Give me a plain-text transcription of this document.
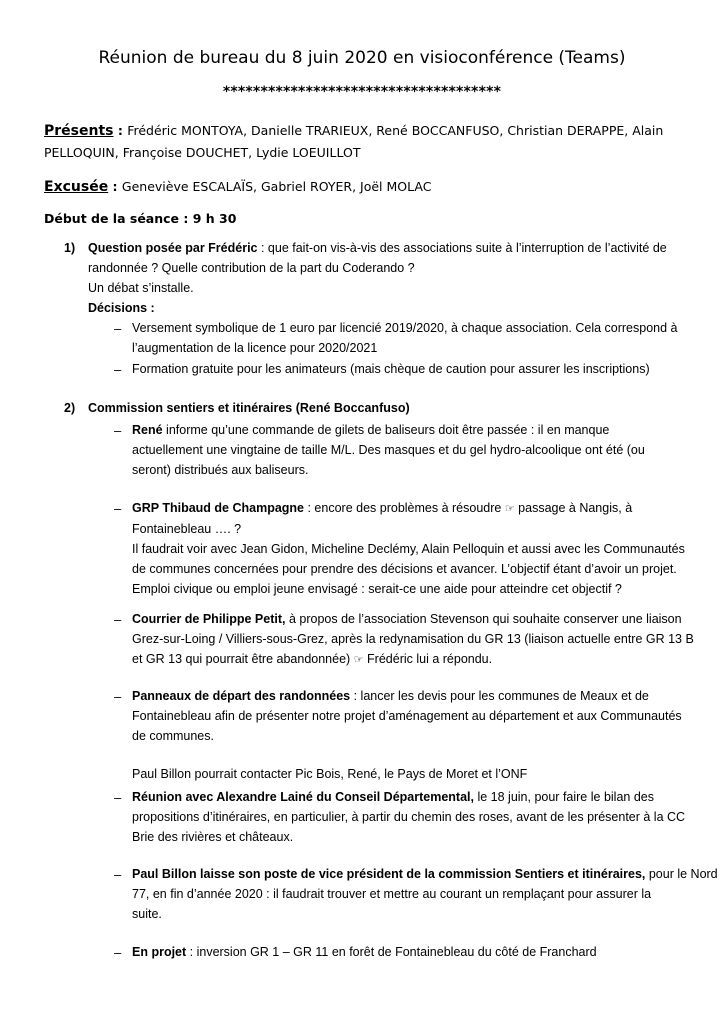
Réunion de bureau du 8 juin 2020 en visioconférence (Teams)
*************************************
Présents : Frédéric MONTOYA, Danielle TRARIEUX, René BOCCANFUSO, Christian DERAPPE, Alain
PELLOQUIN, Françoise DOUCHET, Lydie LOEUILLOT
Excusée : Geneviève ESCALAÏS, Gabriel ROYER, Joël MOLAC
Début de la séance : 9 h 30
1) Question posée par Frédéric : que fait-on vis-à-vis des associations suite à l’interruption de l’activité de
randonnée ? Quelle contribution de la part du Coderando ?
Un débat s’installe.
Décisions :
– Versement symbolique de 1 euro par licencié 2019/2020, à chaque association. Cela correspond à
l’augmentation de la licence pour 2020/2021
– Formation gratuite pour les animateurs (mais chèque de caution pour assurer les inscriptions)
2) Commission sentiers et itinéraires (René Boccanfuso)
– René informe qu’une commande de gilets de baliseurs doit être passée : il en manque
actuellement une vingtaine de taille M/L. Des masques et du gel hydro-alcoolique ont été (ou
seront) distribués aux baliseurs.
– GRP Thibaud de Champagne : encore des problèmes à résoudre ☞ passage à Nangis, à
Fontainebleau …. ?
Il faudrait voir avec Jean Gidon, Micheline Declémy, Alain Pelloquin et aussi avec les Communautés
de communes concernées pour prendre des décisions et avancer. L’objectif étant d’avoir un projet.
Emploi civique ou emploi jeune envisagé : serait-ce une aide pour atteindre cet objectif ?
– Courrier de Philippe Petit, à propos de l’association Stevenson qui souhaite conserver une liaison
Grez-sur-Loing / Villiers-sous-Grez, après la redynamisation du GR 13 (liaison actuelle entre GR 13 B
et GR 13 qui pourrait être abandonnée) ☞ Frédéric lui a répondu.
– Panneaux de départ des randonnées : lancer les devis pour les communes de Meaux et de
Fontainebleau afin de présenter notre projet d’aménagement au département et aux Communautés
de communes.
Paul Billon pourrait contacter Pic Bois, René, le Pays de Moret et l’ONF
– Réunion avec Alexandre Lainé du Conseil Départemental, le 18 juin, pour faire le bilan des
propositions d’itinéraires, en particulier, à partir du chemin des roses, avant de les présenter à la CC
Brie des rivières et châteaux.
– Paul Billon laisse son poste de vice président de la commission Sentiers et itinéraires, pour le Nord
77, en fin d’année 2020 : il faudrait trouver et mettre au courant un remplaçant pour assurer la
suite.
– En projet : inversion GR 1 – GR 11 en forêt de Fontainebleau du côté de Franchard
